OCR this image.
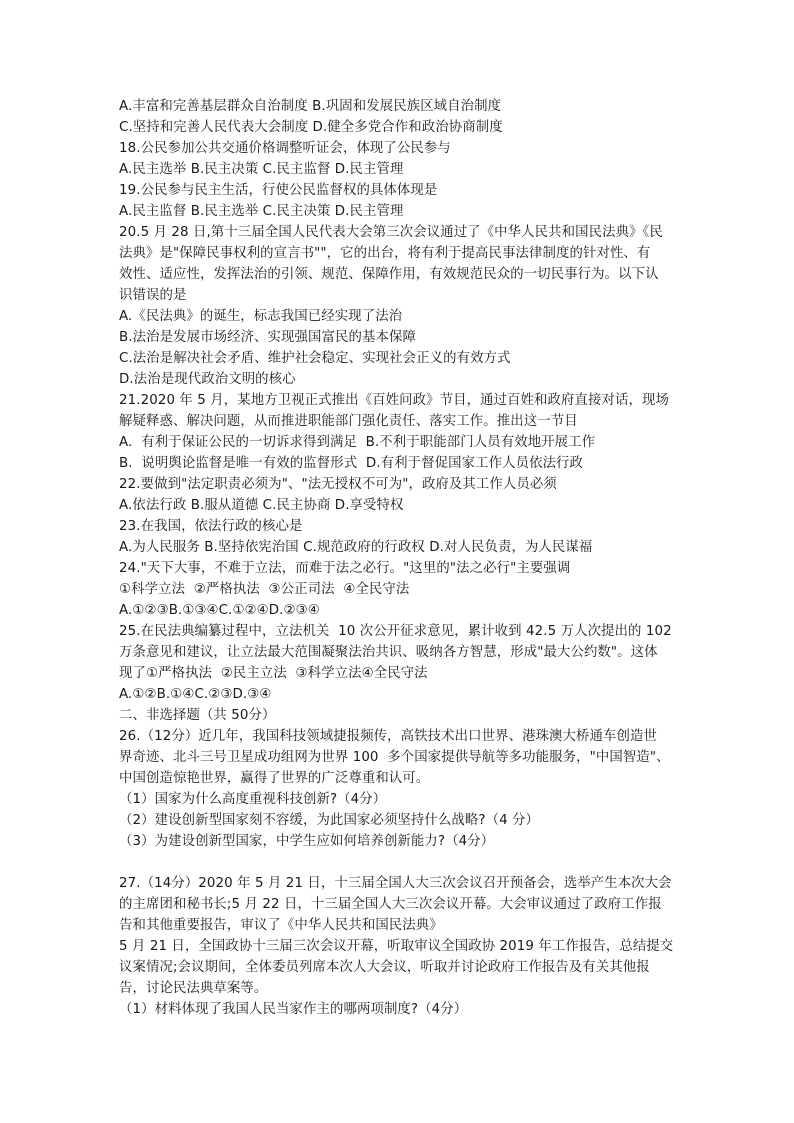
A.丰富和完善基层群众自治制度 B.巩固和发展民族区域自治制度
C.坚持和完善人民代表大会制度 D.健全多党合作和政治协商制度
18.公民参加公共交通价格调整听证会，体现了公民参与
A.民主选举 B.民主决策 C.民主监督 D.民主管理
19.公民参与民主生活，行使公民监督权的具体体现是
A.民主监督 B.民主选举 C.民主决策 D.民主管理
20.5 月 28 日,第十三届全国人民代表大会第三次会议通过了《中华人民共和国民法典》《民
法典》是"保障民事权利的宣言书""，它的出台，将有利于提高民事法律制度的针对性、有
效性、适应性，发挥法治的引领、规范、保障作用，有效规范民众的一切民事行为。以下认
识错误的是
A.《民法典》的诞生，标志我国已经实现了法治
B.法治是发展市场经济、实现强国富民的基本保障
C.法治是解决社会矛盾、维护社会稳定、实现社会正义的有效方式
D.法治是现代政治文明的核心
21.2020 年 5 月，某地方卫视正式推出《百姓问政》节目，通过百姓和政府直接对话，现场
解疑释惑、解决问题，从而推进职能部门强化责任、落实工作。推出这一节目
A.  有利于保证公民的一切诉求得到满足  B.不利于职能部门人员有效地开展工作
B.  说明舆论监督是唯一有效的监督形式  D.有利于督促国家工作人员依法行政
22.要做到"法定职责必须为"、"法无授权不可为"，政府及其工作人员必须
A.依法行政 B.服从道德 C.民主协商 D.享受特权
23.在我国，依法行政的核心是
A.为人民服务 B.坚持依宪治国 C.规范政府的行政权 D.对人民负责，为人民谋福
24."天下大事，不难于立法，而难于法之必行。"这里的"法之必行"主要强调
①科学立法  ②严格执法  ③公正司法  ④全民守法
A.①②③B.①③④C.①②④D.②③④
25.在民法典编纂过程中，立法机关  10 次公开征求意见，累计收到 42.5 万人次提出的 102
万条意见和建议，让立法最大范围凝聚法治共识、吸纳各方智慧，形成"最大公约数"。这体
现了①严格执法  ②民主立法  ③科学立法④全民守法
A.①②B.①④C.②③D.③④
二、非选择题（共 50分）
26.（12分）近几年，我国科技领域捷报频传，高铁技术出口世界、港珠澳大桥通车创造世
界奇迹、北斗三号卫星成功组网为世界 100  多个国家提供导航等多功能服务，"中国智造"、
中国创造惊艳世界，赢得了世界的广泛尊重和认可。
（1）国家为什么高度重视科技创新?（4分）
（2）建设创新型国家刻不容缓，为此国家必须坚持什么战略?（4 分）
（3）为建设创新型国家，中学生应如何培养创新能力?（4分）
27.（14分）2020 年 5 月 21 日，十三届全国人大三次会议召开预备会，选举产生本次大会
的主席团和秘书长;5 月 22 日，十三届全国人大三次会议开幕。大会审议通过了政府工作报
告和其他重要报告，审议了《中华人民共和国民法典》
5 月 21 日，全国政协十三届三次会议开幕，听取审议全国政协 2019 年工作报告，总结提交
议案情况;会议期间，全体委员列席本次人大会议，听取并讨论政府工作报告及有关其他报
告，讨论民法典草案等。
（1）材料体现了我国人民当家作主的哪两项制度?（4分）
